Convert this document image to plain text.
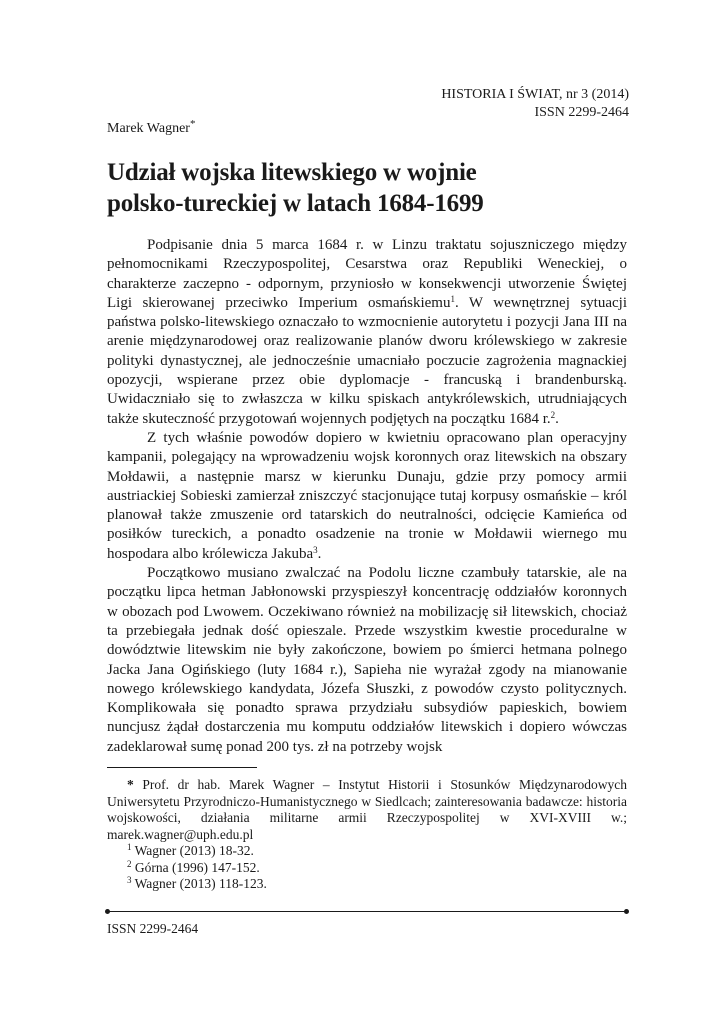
HISTORIA I ŚWIAT, nr 3 (2014)
ISSN 2299-2464
Marek Wagner*
Udział wojska litewskiego w wojnie
polsko-tureckiej w latach 1684-1699

Podpisanie dnia 5 marca 1684 r. w Linzu traktatu sojuszniczego między pełnomocnikami Rzeczypospolitej, Cesarstwa oraz Republiki Weneckiej, o charakterze zaczepno - odpornym, przyniosło w konsekwencji utworzenie Świętej Ligi skierowanej przeciwko Imperium osmańskiemu$^1$. W wewnętrznej sytuacji państwa polsko-litewskiego oznaczało to wzmocnienie autorytetu i pozycji Jana III na arenie międzynarodowej oraz realizowanie planów dworu królewskiego w zakresie polityki dynastycznej, ale jednocześnie umacniało poczucie zagrożenia magnackiej opozycji, wspierane przez obie dyplomacje - francuską i brandenburską. Uwidaczniało się to zwłaszcza w kilku spiskach antykrólewskich, utrudniających także skuteczność przygotowań wojennych podjętych na początku 1684 r.$^2$.

Z tych właśnie powodów dopiero w kwietniu opracowano plan operacyjny kampanii, polegający na wprowadzeniu wojsk koronnych oraz litewskich na obszary Mołdawii, a następnie marsz w kierunku Dunaju, gdzie przy pomocy armii austriackiej Sobieski zamierzał zniszczyć stacjonujące tutaj korpusy osmańskie – król planował także zmuszenie ord tatarskich do neutralności, odcięcie Kamieńca od posiłków tureckich, a ponadto osadzenie na tronie w Mołdawii wiernego mu hospodara albo królewicza Jakuba$^3$.

Początkowo musiano zwalczać na Podolu liczne czambuły tatarskie, ale na początku lipca hetman Jabłonowski przyspieszył koncentrację oddziałów koronnych w obozach pod Lwowem. Oczekiwano również na mobilizację sił litewskich, chociaż ta przebiegała jednak dość opieszale. Przede wszystkim kwestie proceduralne w dowództwie litewskim nie były zakończone, bowiem po śmierci hetmana polnego Jacka Jana Ogińskiego (luty 1684 r.), Sapieha nie wyrażał zgody na mianowanie nowego królewskiego kandydata, Józefa Słuszki, z powodów czysto politycznych. Komplikowała się ponadto sprawa przydziału subsydiów papieskich, bowiem nuncjusz żądał dostarczenia mu komputu oddziałów litewskich i dopiero wówczas zadeklarował sumę ponad 200 tys. zł na potrzeby wojsk

* Prof. dr hab. Marek Wagner – Instytut Historii i Stosunków Międzynarodowych Uniwersytetu Przyrodniczo-Humanistycznego w Siedlcach; zainteresowania badawcze: historia wojskowości, działania militarne armii Rzeczypospolitej w XVI-XVIII w.; marek.wagner@uph.edu.pl

$^1$ Wagner (2013) 18-32.

$^2$ Górna (1996) 147-152.

$^3$ Wagner (2013) 118-123.

ISSN 2299-2464
